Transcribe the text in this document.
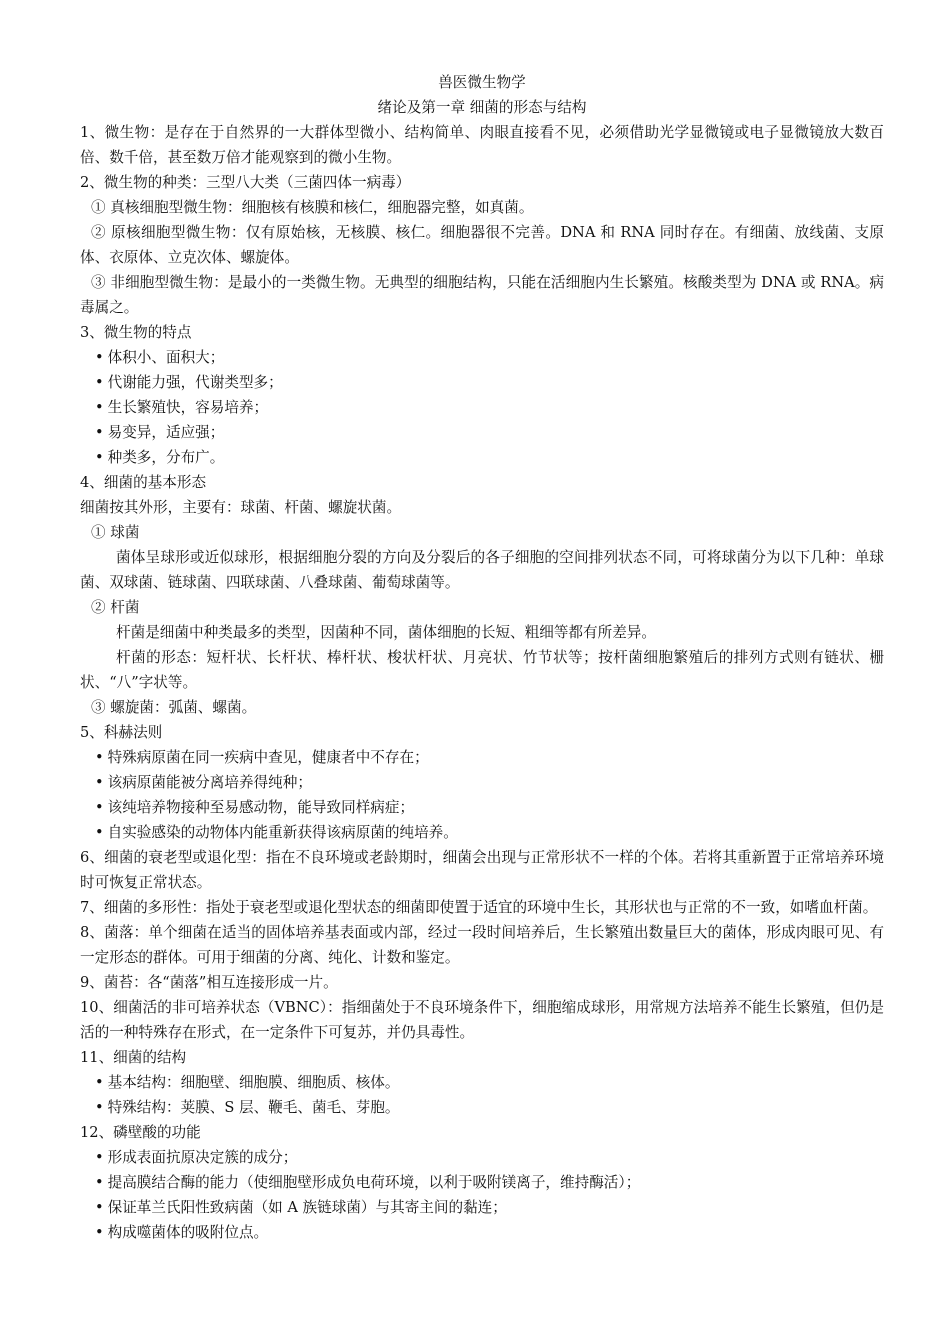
兽医微生物学
绪论及第一章 细菌的形态与结构
1、微生物：是存在于自然界的一大群体型微小、结构简单、肉眼直接看不见，必须借助光学显微镜或电子显微镜放大数百倍、数千倍，甚至数万倍才能观察到的微小生物。
2、微生物的种类：三型八大类（三菌四体一病毒）
① 真核细胞型微生物：细胞核有核膜和核仁，细胞器完整，如真菌。
② 原核细胞型微生物：仅有原始核，无核膜、核仁。细胞器很不完善。DNA 和 RNA 同时存在。有细菌、放线菌、支原体、衣原体、立克次体、螺旋体。
③ 非细胞型微生物：是最小的一类微生物。无典型的细胞结构，只能在活细胞内生长繁殖。核酸类型为 DNA 或 RNA。病毒属之。
3、微生物的特点
• 体积小、面积大；
• 代谢能力强，代谢类型多；
• 生长繁殖快，容易培养；
• 易变异，适应强；
• 种类多，分布广。
4、细菌的基本形态
细菌按其外形，主要有：球菌、杆菌、螺旋状菌。
① 球菌
菌体呈球形或近似球形，根据细胞分裂的方向及分裂后的各子细胞的空间排列状态不同，可将球菌分为以下几种：单球菌、双球菌、链球菌、四联球菌、八叠球菌、葡萄球菌等。
② 杆菌
杆菌是细菌中种类最多的类型，因菌种不同，菌体细胞的长短、粗细等都有所差异。
杆菌的形态：短杆状、长杆状、棒杆状、梭状杆状、月亮状、竹节状等；按杆菌细胞繁殖后的排列方式则有链状、栅状、“八”字状等。
③ 螺旋菌：弧菌、螺菌。
5、科赫法则
• 特殊病原菌在同一疾病中查见，健康者中不存在；
• 该病原菌能被分离培养得纯种；
• 该纯培养物接种至易感动物，能导致同样病症；
• 自实验感染的动物体内能重新获得该病原菌的纯培养。
6、细菌的衰老型或退化型：指在不良环境或老龄期时，细菌会出现与正常形状不一样的个体。若将其重新置于正常培养环境时可恢复正常状态。
7、细菌的多形性：指处于衰老型或退化型状态的细菌即使置于适宜的环境中生长，其形状也与正常的不一致，如嗜血杆菌。
8、菌落：单个细菌在适当的固体培养基表面或内部，经过一段时间培养后，生长繁殖出数量巨大的菌体，形成肉眼可见、有一定形态的群体。可用于细菌的分离、纯化、计数和鉴定。
9、菌苔：各“菌落”相互连接形成一片。
10、细菌活的非可培养状态（VBNC）：指细菌处于不良环境条件下，细胞缩成球形，用常规方法培养不能生长繁殖，但仍是活的一种特殊存在形式，在一定条件下可复苏，并仍具毒性。
11、细菌的结构
• 基本结构：细胞壁、细胞膜、细胞质、核体。
• 特殊结构：荚膜、S 层、鞭毛、菌毛、芽胞。
12、磷壁酸的功能
• 形成表面抗原决定簇的成分；
• 提高膜结合酶的能力（使细胞壁形成负电荷环境，以利于吸附镁离子，维持酶活）；
• 保证革兰氏阳性致病菌（如 A 族链球菌）与其寄主间的黏连；
• 构成噬菌体的吸附位点。
